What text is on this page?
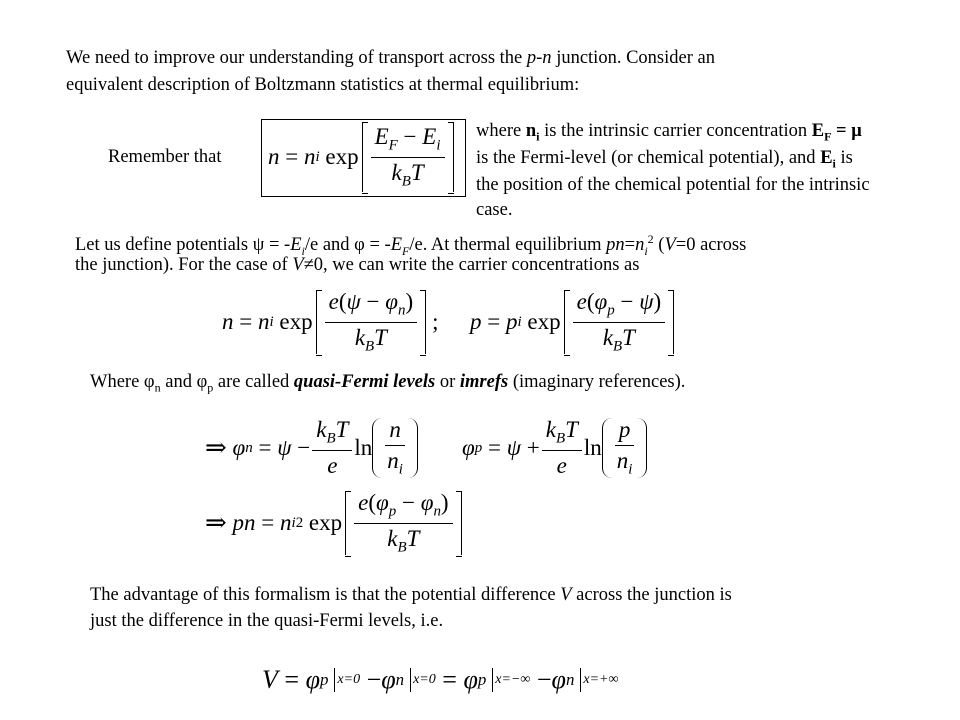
We need to improve our understanding of transport across the p-n junction. Consider an
equivalent description of Boltzmann statistics at thermal equilibrium:
Remember that n
=
n i
$\exp \frac{E_F - E_i}{k_BT}$ where $n_i$ is the intrinsic carrier concentration $E_F = \mu$
is the Fermi-level (or chemical potential), and $E_i$ is
the position of the chemical potential for the intrinsic
case.
Let us define potentials $\psi = -E_i/e$ and $\varphi = -E_F/e$. At thermal equilibrium $pn=n_i^2$ (V=0 across
the junction). For the case of V≠0, we can write the carrier concentrations as
n
=
n i
$\exp \frac{e(\psi - \varphi_n)}{k_BT}$ ; p
=
p i
$\exp \frac{e(\varphi_p - \psi)}{k_BT}$
Where $\varphi_n$ and $\varphi_p$ are called quasi-Fermi levels or imrefs (imaginary references).
⇒
φ n
=
ψ
− $\frac{k_BT}{e}$ $\ln \frac{n}{n_i}$ φ p
=
ψ
+ $\frac{k_BT}{e}$ $\ln \frac{p}{n_i}$
⇒
p n
=
n i 2
$\exp \frac{e(\varphi_p - \varphi_n)}{k_BT}$
The advantage of this formalism is that the potential difference V across the junction is
just the difference in the quasi-Fermi levels, i.e.
V
=
φ p x=0
− φ n x=0
=
φ p x=−∞
− φ n x=+∞
